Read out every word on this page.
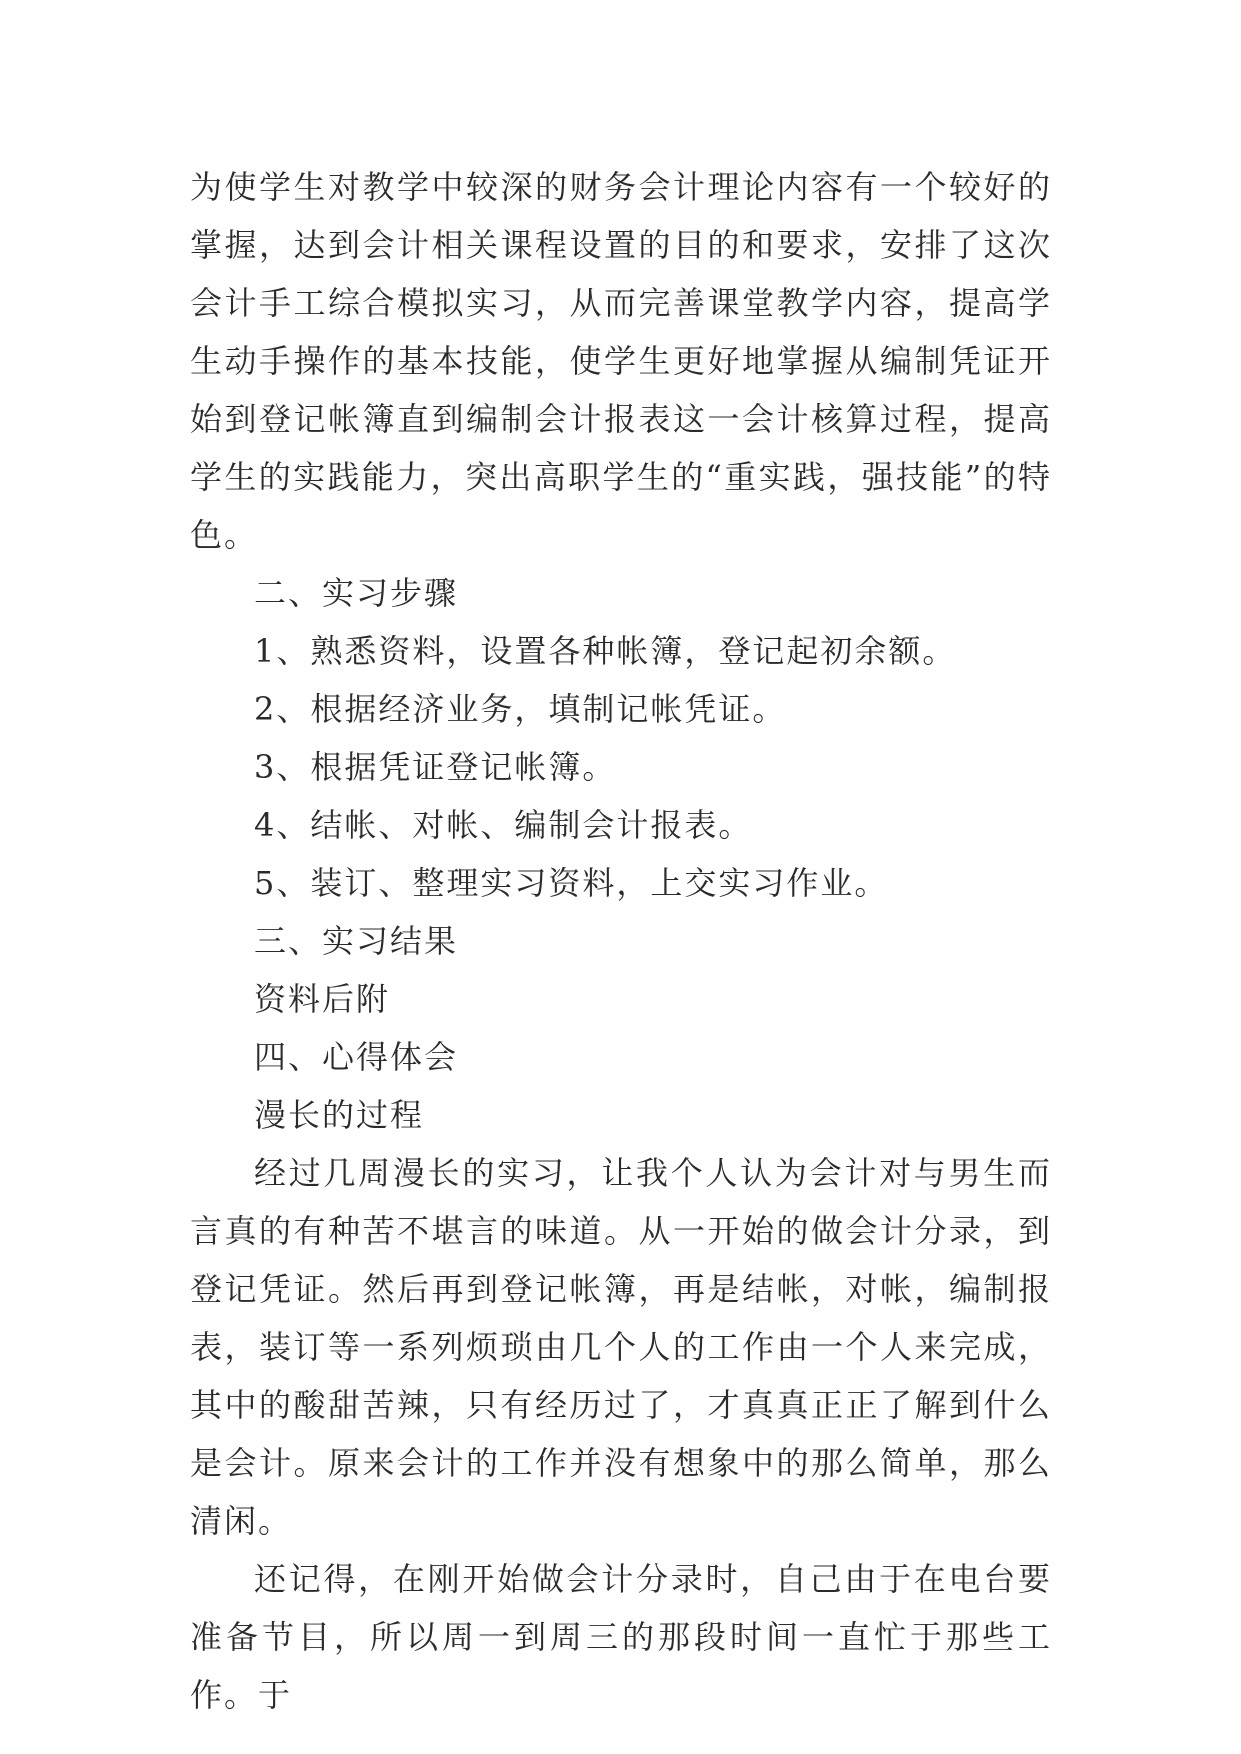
为使学生对教学中较深的财务会计理论内容有一个较好的掌握，达到会计相关课程设置的目的和要求，安排了这次会计手工综合模拟实习，从而完善课堂教学内容，提高学生动手操作的基本技能，使学生更好地掌握从编制凭证开始到登记帐簿直到编制会计报表这一会计核算过程，提高学生的实践能力，突出高职学生的“重实践，强技能”的特色。

二、实习步骤

1、熟悉资料，设置各种帐簿，登记起初余额。

2、根据经济业务，填制记帐凭证。

3、根据凭证登记帐簿。

4、结帐、对帐、编制会计报表。

5、装订、整理实习资料，上交实习作业。

三、实习结果

资料后附

四、心得体会

漫长的过程

经过几周漫长的实习，让我个人认为会计对与男生而言真的有种苦不堪言的味道。从一开始的做会计分录，到登记凭证。然后再到登记帐簿，再是结帐，对帐，编制报表，装订等一系列烦琐由几个人的工作由一个人来完成，其中的酸甜苦辣，只有经历过了，才真真正正了解到什么是会计。原来会计的工作并没有想象中的那么简单，那么清闲。

还记得，在刚开始做会计分录时，自己由于在电台要准备节目，所以周一到周三的那段时间一直忙于那些工作。于
